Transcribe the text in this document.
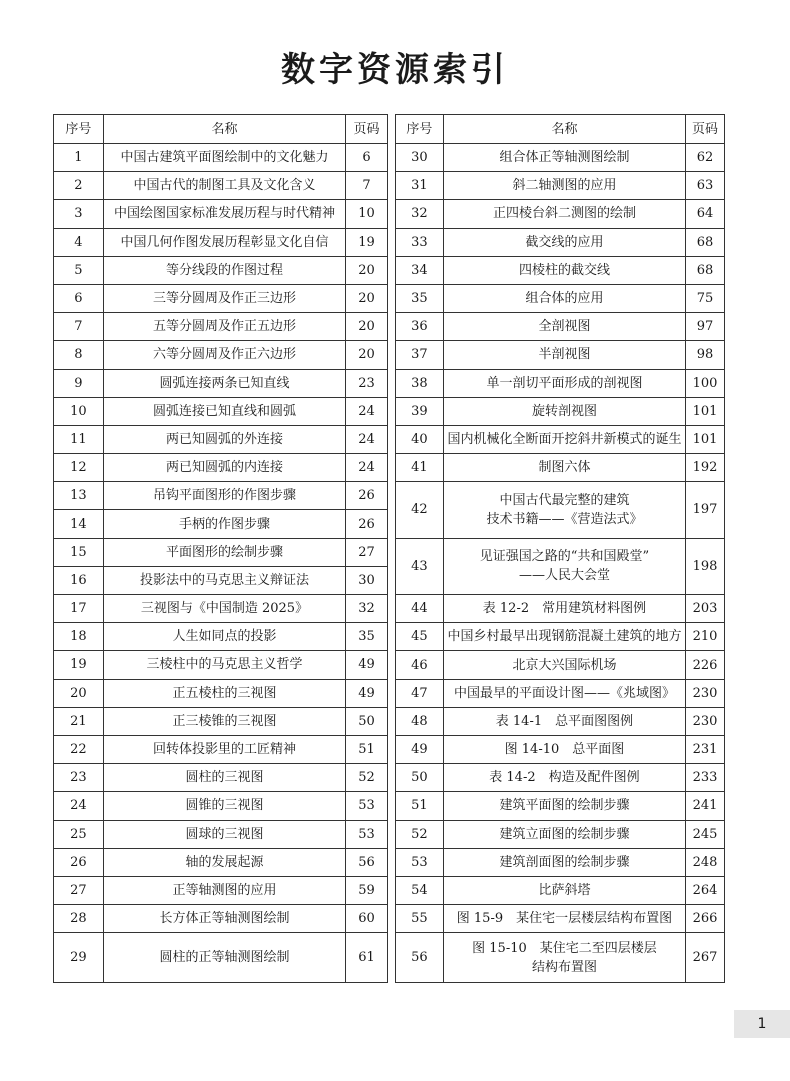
数字资源索引
序号	名称	页码
1	中国古建筑平面图绘制中的文化魅力	6
2	中国古代的制图工具及文化含义	7
3	中国绘图国家标准发展历程与时代精神	10
4	中国几何作图发展历程彰显文化自信	19
5	等分线段的作图过程	20
6	三等分圆周及作正三边形	20
7	五等分圆周及作正五边形	20
8	六等分圆周及作正六边形	20
9	圆弧连接两条已知直线	23
10	圆弧连接已知直线和圆弧	24
11	两已知圆弧的外连接	24
12	两已知圆弧的内连接	24
13	吊钩平面图形的作图步骤	26
14	手柄的作图步骤	26
15	平面图形的绘制步骤	27
16	投影法中的马克思主义辩证法	30
17	三视图与《中国制造 2025》	32
18	人生如同点的投影	35
19	三棱柱中的马克思主义哲学	49
20	正五棱柱的三视图	49
21	正三棱锥的三视图	50
22	回转体投影里的工匠精神	51
23	圆柱的三视图	52
24	圆锥的三视图	53
25	圆球的三视图	53
26	轴的发展起源	56
27	正等轴测图的应用	59
28	长方体正等轴测图绘制	60
29	圆柱的正等轴测图绘制	61
序号	名称	页码
30	组合体正等轴测图绘制	62
31	斜二轴测图的应用	63
32	正四棱台斜二测图的绘制	64
33	截交线的应用	68
34	四棱柱的截交线	68
35	组合体的应用	75
36	全剖视图	97
37	半剖视图	98
38	单一剖切平面形成的剖视图	100
39	旋转剖视图	101
40	国内机械化全断面开挖斜井新模式的诞生	101
41	制图六体	192
42	中国古代最完整的建筑
技术书籍——《营造法式》	197
43	见证强国之路的“共和国殿堂”
——人民大会堂	198
44	表 12-2　常用建筑材料图例	203
45	中国乡村最早出现钢筋混凝土建筑的地方	210
46	北京大兴国际机场	226
47	中国最早的平面设计图——《兆域图》	230
48	表 14-1　总平面图图例	230
49	图 14-10　总平面图	231
50	表 14-2　构造及配件图例	233
51	建筑平面图的绘制步骤	241
52	建筑立面图的绘制步骤	245
53	建筑剖面图的绘制步骤	248
54	比萨斜塔	264
55	图 15-9　某住宅一层楼层结构布置图	266
56	图 15-10　某住宅二至四层楼层
结构布置图	267
1
